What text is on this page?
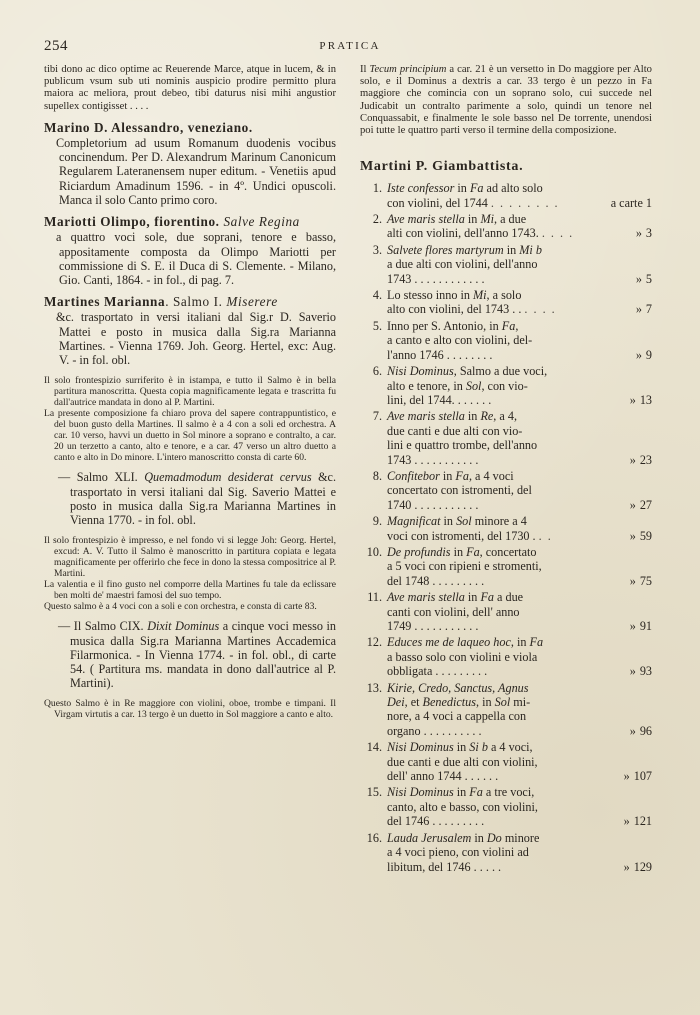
254	PRATICA

tibi dono ac dico optime ac Reuerende Marce, atque in lucem, & in publicum vsum sub uti nominis auspicio prodire permitto plura maiora ac meliora, prout debeo, tibi daturus nisi mihi angustior supellex contigisset . . . .

Marino D. Alessandro, veneziano.

Completorium ad usum Romanum duodenis vocibus concinendum. Per D. Alexandrum Marinum Canonicum Regularem Lateranensem nuper editum. - Venetiis apud Riciardum Amadinum 1596. - in 4º. Undici opuscoli. Manca il solo Canto primo coro.

Mariotti Olimpo, fiorentino. Salve Regina

a quattro voci sole, due soprani, tenore e basso, appositamente composta da Olimpo Mariotti per commissione di S. E. il Duca di S. Clemente. - Milano, Gio. Canti, 1864. - in fol., di pag. 7.

Martines Marianna. Salmo I. Miserere

&c. trasportato in versi italiani dal Sig.r D. Saverio Mattei e posto in musica dalla Sig.ra Marianna Martines. - Vienna 1769. Joh. Georg. Hertel, exc: Aug. V. - in fol. obl.

Il solo frontespizio surriferito è in istampa, e tutto il Salmo è in bella partitura manoscritta. Questa copia magnificamente legata e trascritta fu dall'autrice mandata in dono al P. Martini.

La presente composizione fa chiaro prova del sapere contrappuntistico, e del buon gusto della Martines. Il salmo è a 4 con a soli ed orchestra. A car. 10 verso, havvi un duetto in Sol minore a soprano e contralto, a car. 20 un terzetto a canto, alto e tenore, e a car. 47 verso un altro duetto a canto e alto in Do minore. L'intero manoscritto consta di carte 60.

— Salmo XLI. Quemadmodum desiderat cervus &c. trasportato in versi italiani dal Sig. Saverio Mattei e posto in musica dalla Sig.ra Marianna Martines in Vienna 1770. - in fol. obl.

Il solo frontespizio è impresso, e nel fondo vi si legge Joh: Georg. Hertel, excud: A. V. Tutto il Salmo è manoscritto in partitura copiata e legata magnificamente per offerirlo che fece in dono la stessa compositrice al P. Martini.

La valentia e il fino gusto nel comporre della Martines fu tale da eclissare ben molti de' maestri famosi del suo tempo.

Questo salmo è a 4 voci con a soli e con orchestra, e consta di carte 83.

— Il Salmo CIX. Dixit Dominus a cinque voci messo in musica dalla Sig.ra Marianna Martines Accademica Filarmonica. - In Vienna 1774. - in fol. obl., di carte 54. ( Partitura ms. mandata in dono dall'autrice al P. Martini).

Questo Salmo è in Re maggiore con violini, oboe, trombe e timpani. Il Virgam virtutis a car. 13 tergo è un duetto in Sol maggiore a canto e alto.

Il Tecum principium a car. 21 è un versetto in Do maggiore per Alto solo, e il Dominus a dextris a car. 33 tergo è un pezzo in Fa maggiore che comincia con un soprano solo, cui succede nel Judicabit un contralto parimente a solo, quindi un tenore nel Conquassabit, e finalmente le sole basso nel De torrente, unendosi poi tutte le quattro parti verso il termine della composizione.

Martini P. Giambattista.

1. Iste confessor in Fa ad alto solo
con violini, del 1744 . . . . . . . .	a carte 1
2. Ave maris stella in Mi, a due
alti con violini, dell'anno 1743. . . . .	» 3
3. Salvete flores martyrum in Mi b
a due alti con violini, dell'anno
1743 . . . . . . . . . . . .	» 5
4. Lo stesso inno in Mi, a solo
alto con violini, del 1743 . . . . . .	» 7
5. Inno per S. Antonio, in Fa,
a canto e alto con violini, del-
l'anno 1746 . . . . . . . .	» 9
6. Nisi Dominus, Salmo a due voci,
alto e tenore, in Sol, con vio-
lini, del 1744. . . . . . .	» 13
7. Ave maris stella in Re, a 4,
due canti e due alti con vio-
lini e quattro trombe, dell'anno
1743 . . . . . . . . . . .	» 23
8. Confitebor in Fa, a 4 voci
concertato con istromenti, del
1740 . . . . . . . . . . .	» 27
9. Magnificat in Sol minore a 4
voci con istromenti, del 1730 . . .	» 59
10. De profundis in Fa, concertato
a 5 voci con ripieni e stromenti,
del 1748 . . . . . . . . .	» 75
11. Ave maris stella in Fa a due
canti con violini, dell' anno
1749 . . . . . . . . . . .	» 91
12. Educes me de laqueo hoc, in Fa
a basso solo con violini e viola
obbligata . . . . . . . . .	» 93
13. Kirie, Credo, Sanctus, Agnus
Dei, et Benedictus, in Sol mi-
nore, a 4 voci a cappella con
organo . . . . . . . . . .	» 96
14. Nisi Dominus in Si b a 4 voci,
due canti e due alti con violini,
dell' anno 1744 . . . . . .	» 107
15. Nisi Dominus in Fa a tre voci,
canto, alto e basso, con violini,
del 1746 . . . . . . . . .	» 121
16. Lauda Jerusalem in Do minore
a 4 voci pieno, con violini ad
libitum, del 1746 . . . . .	» 129
